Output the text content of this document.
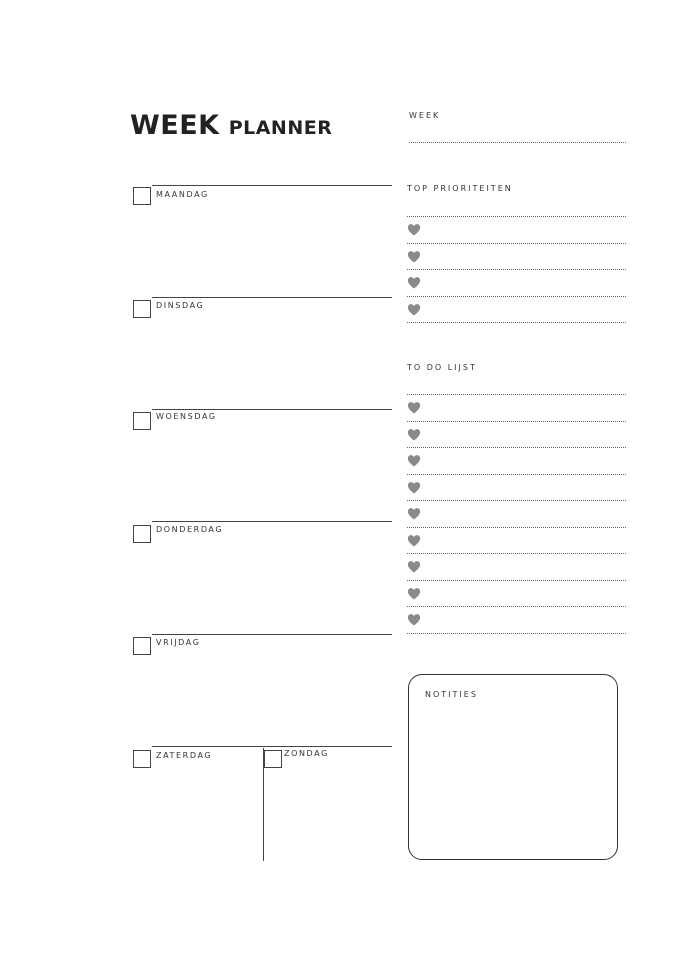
WEEK PLANNER
MAANDAG
DINSDAG
WOENSDAG
DONDERDAG
VRIJDAG
ZATERDAG	ZONDAG
WEEK
TOP PRIORITEITEN
TO DO LIJST
NOTITIES
